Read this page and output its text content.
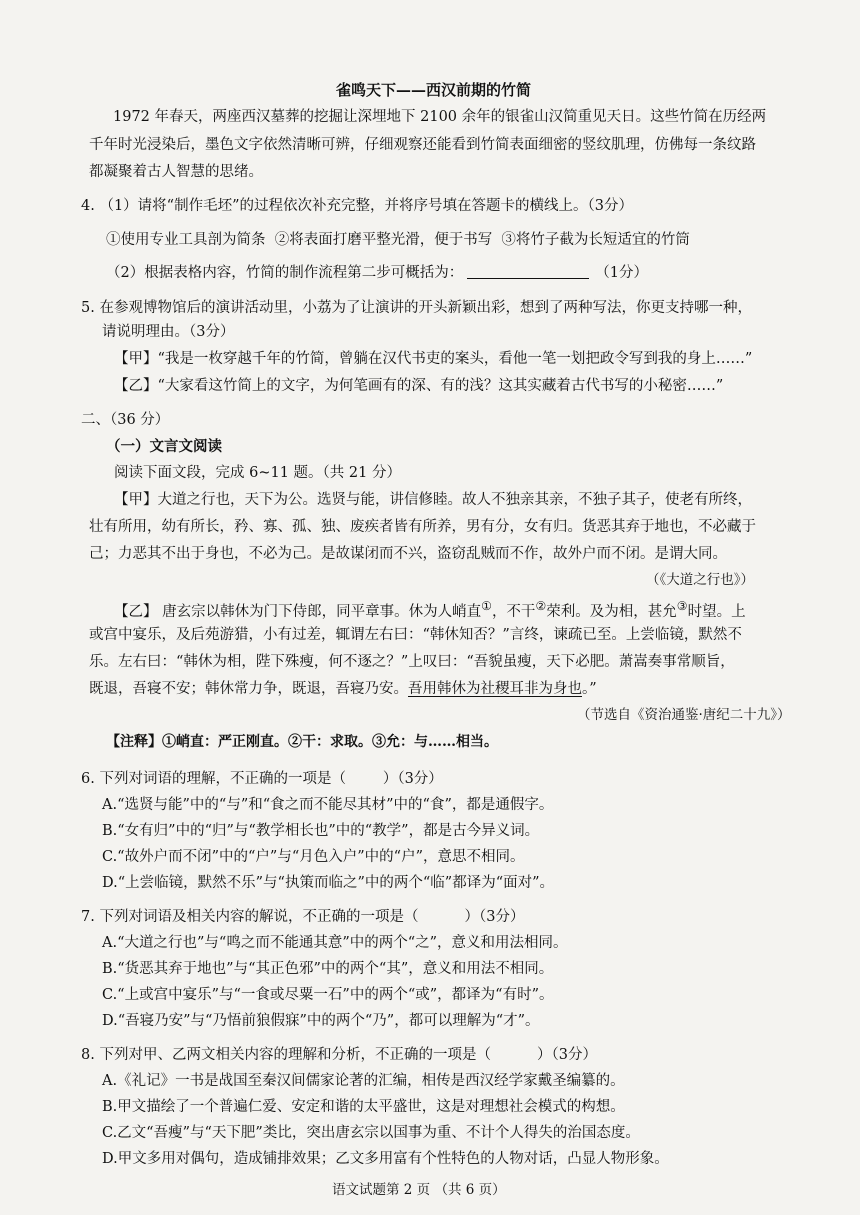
雀鸣天下——西汉前期的竹简
1972 年春天，两座西汉墓葬的挖掘让深埋地下 2100 余年的银雀山汉简重见天日。这些竹简在历经两
千年时光浸染后，墨色文字依然清晰可辨，仔细观察还能看到竹简表面细密的竖纹肌理，仿佛每一条纹路
都凝聚着古人智慧的思绪。
4. （1）请将“制作毛坯”的过程依次补充完整，并将序号填在答题卡的横线上。（3分）
①使用专业工具剖为简条  ②将表面打磨平整光滑，便于书写  ③将竹子截为长短适宜的竹筒
（2）根据表格内容，竹简的制作流程第二步可概括为：	（1分）
5. 在参观博物馆后的演讲活动里，小荔为了让演讲的开头新颖出彩，想到了两种写法，你更支持哪一种，
请说明理由。（3分）
【甲】“我是一枚穿越千年的竹简，曾躺在汉代书吏的案头，看他一笔一划把政令写到我的身上……”
【乙】“大家看这竹简上的文字，为何笔画有的深、有的浅？这其实藏着古代书写的小秘密……”
二、（36 分）
（一）文言文阅读
阅读下面文段，完成 6~11 题。（共 21 分）
【甲】大道之行也，天下为公。选贤与能，讲信修睦。故人不独亲其亲，不独子其子，使老有所终，
壮有所用，幼有所长，矜、寡、孤、独、废疾者皆有所养，男有分，女有归。货恶其弃于地也，不必藏于
己；力恶其不出于身也，不必为己。是故谋闭而不兴，盗窃乱贼而不作，故外户而不闭。是谓大同。
（《大道之行也》）
【乙】 唐玄宗以韩休为门下侍郎，同平章事。休为人峭直①，不干②荣利。及为相，甚允③时望。上
或宫中宴乐，及后苑游猎，小有过差，辄谓左右曰：“韩休知否？”言终，谏疏已至。上尝临镜，默然不
乐。左右曰：“韩休为相，陛下殊瘦，何不逐之？”上叹曰：“吾貌虽瘦，天下必肥。萧嵩奏事常顺旨，
既退，吾寝不安；韩休常力争，既退，吾寝乃安。吾用韩休为社稷耳非为身也。”
（节选自《资治通鉴·唐纪二十九》）
【注释】①峭直：严正刚直。②干：求取。③允：与……相当。
6. 下列对词语的理解，不正确的一项是（        ）（3分）
A.“选贤与能”中的“与”和“食之而不能尽其材”中的“食”，都是通假字。
B.“女有归”中的“归”与“教学相长也”中的“教学”，都是古今异义词。
C.“故外户而不闭”中的“户”与“月色入户”中的“户”，意思不相同。
D.“上尝临镜，默然不乐”与“执策而临之”中的两个“临”都译为“面对”。
7. 下列对词语及相关内容的解说，不正确的一项是（          ）（3分）
A.“大道之行也”与“鸣之而不能通其意”中的两个“之”，意义和用法相同。
B.“货恶其弃于地也”与“其正色邪”中的两个“其”，意义和用法不相同。
C.“上或宫中宴乐”与“一食或尽粟一石”中的两个“或”，都译为“有时”。
D.“吾寝乃安”与“乃悟前狼假寐”中的两个“乃”，都可以理解为“才”。
8. 下列对甲、乙两文相关内容的理解和分析，不正确的一项是（          ）（3分）
A.《礼记》一书是战国至秦汉间儒家论著的汇编，相传是西汉经学家戴圣编纂的。
B.甲文描绘了一个普遍仁爱、安定和谐的太平盛世，这是对理想社会模式的构想。
C.乙文“吾瘦”与“天下肥”类比，突出唐玄宗以国事为重、不计个人得失的治国态度。
D.甲文多用对偶句，造成铺排效果；乙文多用富有个性特色的人物对话，凸显人物形象。
语文试题第 2 页 （共 6 页）
